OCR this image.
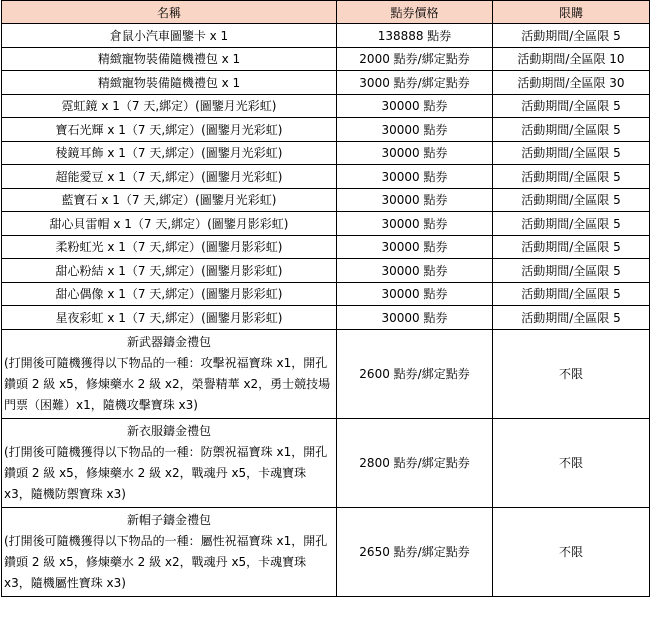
名稱	點券價格	限購
倉鼠小汽車圖鑒卡 x 1	138888 點券	活動期間/全區限 5
精緻寵物裝備隨機禮包 x 1	2000 點券/綁定點券	活動期間/全區限 10
精緻寵物裝備隨機禮包 x 1	3000 點券/綁定點券	活動期間/全區限 30
霓虹鏡 x 1（7 天,綁定）(圖鑒月光彩虹)	30000 點券	活動期間/全區限 5
寶石光輝 x 1（7 天,綁定）(圖鑒月光彩虹)	30000 點券	活動期間/全區限 5
稜鏡耳飾 x 1（7 天,綁定）(圖鑒月光彩虹)	30000 點券	活動期間/全區限 5
超能愛豆 x 1（7 天,綁定）(圖鑒月光彩虹)	30000 點券	活動期間/全區限 5
藍寶石 x 1（7 天,綁定）(圖鑒月光彩虹)	30000 點券	活動期間/全區限 5
甜心貝雷帽 x 1（7 天,綁定）(圖鑒月影彩虹)	30000 點券	活動期間/全區限 5
柔粉虹光 x 1（7 天,綁定）(圖鑒月影彩虹)	30000 點券	活動期間/全區限 5
甜心粉結 x 1（7 天,綁定）(圖鑒月影彩虹)	30000 點券	活動期間/全區限 5
甜心偶像 x 1（7 天,綁定）(圖鑒月影彩虹)	30000 點券	活動期間/全區限 5
星夜彩虹 x 1（7 天,綁定）(圖鑒月影彩虹)	30000 點券	活動期間/全區限 5

新武器鑄金禮包
(打開後可隨機獲得以下物品的一種：攻擊祝福寶珠 x1，開孔鑽頭 2 級 x5，修煉藥水 2 級 x2，榮譽精華 x2，勇士競技場門票（困難）x1，隨機攻擊寶珠 x3)	2600 點券/綁定點券	不限

新衣服鑄金禮包
(打開後可隨機獲得以下物品的一種：防禦祝福寶珠 x1，開孔鑽頭 2 級 x5，修煉藥水 2 級 x2，戰魂丹 x5，卡魂寶珠 x3，隨機防禦寶珠 x3)	2800 點券/綁定點券	不限

新帽子鑄金禮包
(打開後可隨機獲得以下物品的一種：屬性祝福寶珠 x1，開孔鑽頭 2 級 x5，修煉藥水 2 級 x2，戰魂丹 x5，卡魂寶珠 x3，隨機屬性寶珠 x3)	2650 點券/綁定點券	不限
